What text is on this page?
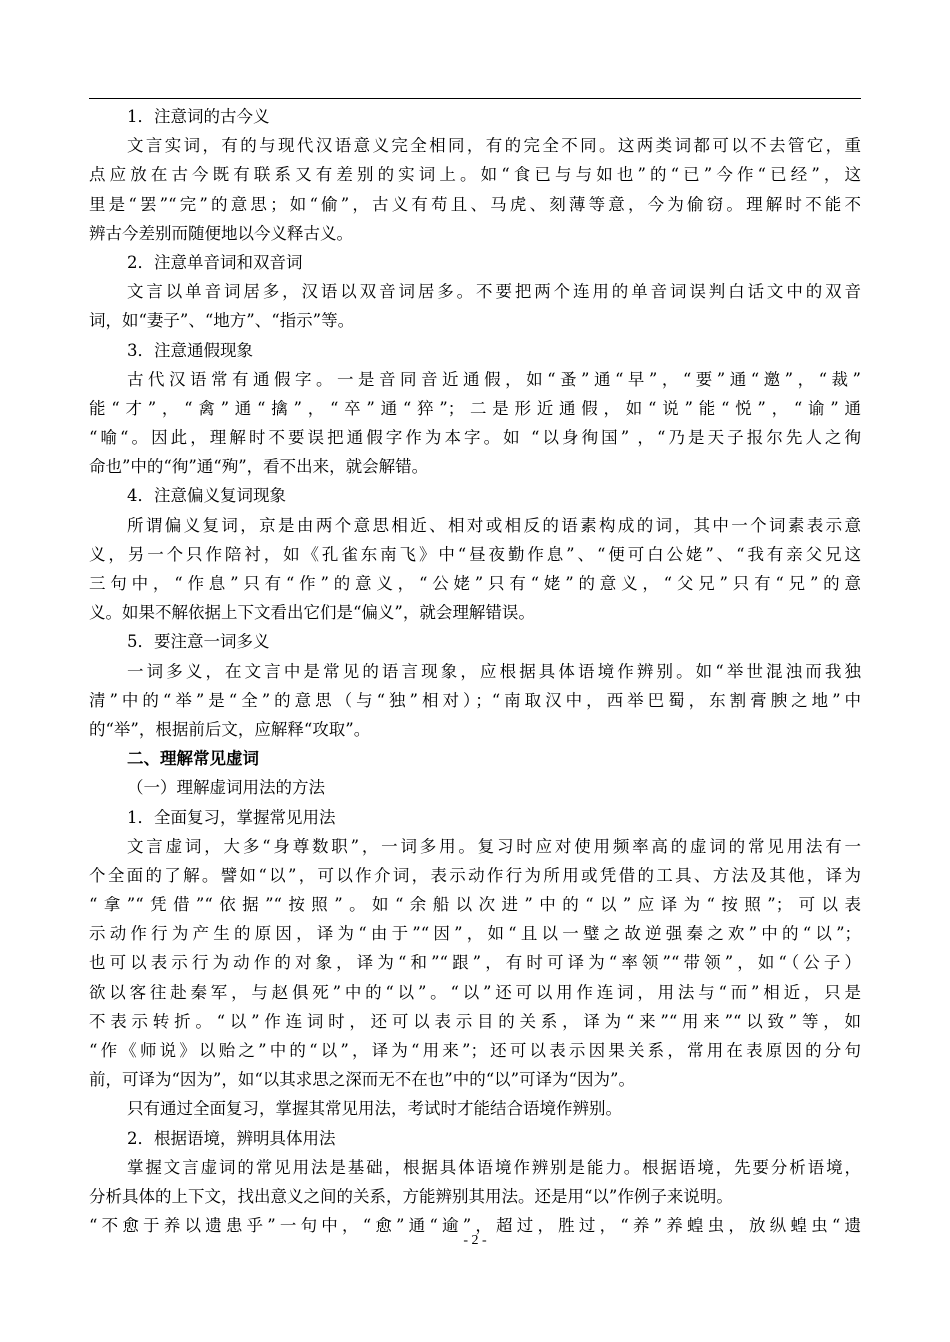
1．注意词的古今义
文言实词，有的与现代汉语意义完全相同，有的完全不同。这两类词都可以不去管它，重
点应放在古今既有联系又有差别的实词上。如“食已与与如也”的“已”今作“已经”，这
里是“罢”“完”的意思；如“偷”，古义有苟且、马虎、刻薄等意，今为偷窃。理解时不能不
辨古今差别而随便地以今义释古义。
2．注意单音词和双音词
文言以单音词居多，汉语以双音词居多。不要把两个连用的单音词误判白话文中的双音
词，如“妻子”、“地方”、“指示”等。
3．注意通假现象
古代汉语常有通假字。一是音同音近通假，如“蚤”通“早”，“要”通“邀”，“裁”
能“才”，“禽”通“擒”，“卒”通“猝”；二是形近通假，如“说”能“悦”，“谕”通
“喻“。因此，理解时不要误把通假字作为本字。如 “以身徇国” ，“乃是天子报尔先人之徇
命也”中的“徇”通“殉”，看不出来，就会解错。
4．注意偏义复词现象
所谓偏义复词，京是由两个意思相近、相对或相反的语素构成的词，其中一个词素表示意
义，另一个只作陪衬，如《孔雀东南飞》中“昼夜勤作息”、“便可白公姥”、“我有亲父兄这
三句中，“作息”只有“作”的意义，“公姥”只有“姥”的意义，“父兄”只有“兄”的意
义。如果不解依据上下文看出它们是“偏义”，就会理解错误。
5．要注意一词多义
一词多义，在文言中是常见的语言现象，应根据具体语境作辨别。如“举世混浊而我独
清”中的“举”是“全”的意思（与“独”相对）；“南取汉中，西举巴蜀，东割膏腴之地”中
的“举”，根据前后文，应解释“攻取”。
二、理解常见虚词
（一）理解虚词用法的方法
1．全面复习，掌握常见用法
文言虚词，大多“身尊数职”，一词多用。复习时应对使用频率高的虚词的常见用法有一
个全面的了解。譬如“以”，可以作介词，表示动作行为所用或凭借的工具、方法及其他，译为
“拿”“凭借”“依据”“按照”。如“余船以次进”中的“以”应译为“按照”；可以表
示动作行为产生的原因，译为“由于”“因”，如“且以一璧之故逆强秦之欢”中的“以”；
也可以表示行为动作的对象，译为“和”“跟”，有时可译为“率领”“带领”，如“（公子）
欲以客往赴秦军，与赵俱死”中的“以”。“以”还可以用作连词，用法与“而”相近，只是
不表示转折。“以”作连词时，还可以表示目的关系，译为“来”“用来”“以致”等，如
“作《师说》以贻之”中的“以”，译为“用来”；还可以表示因果关系，常用在表原因的分句
前，可译为“因为”，如“以其求思之深而无不在也”中的“以”可译为“因为”。
只有通过全面复习，掌握其常见用法，考试时才能结合语境作辨别。
2．根据语境，辨明具体用法
掌握文言虚词的常见用法是基础，根据具体语境作辨别是能力。根据语境，先要分析语境，
分析具体的上下文，找出意义之间的关系，方能辨别其用法。还是用“以”作例子来说明。
“不愈于养以遗患乎”一句中，“愈”通“逾”，超过，胜过，“养”养蝗虫，放纵蝗虫“遗
- 2 -
